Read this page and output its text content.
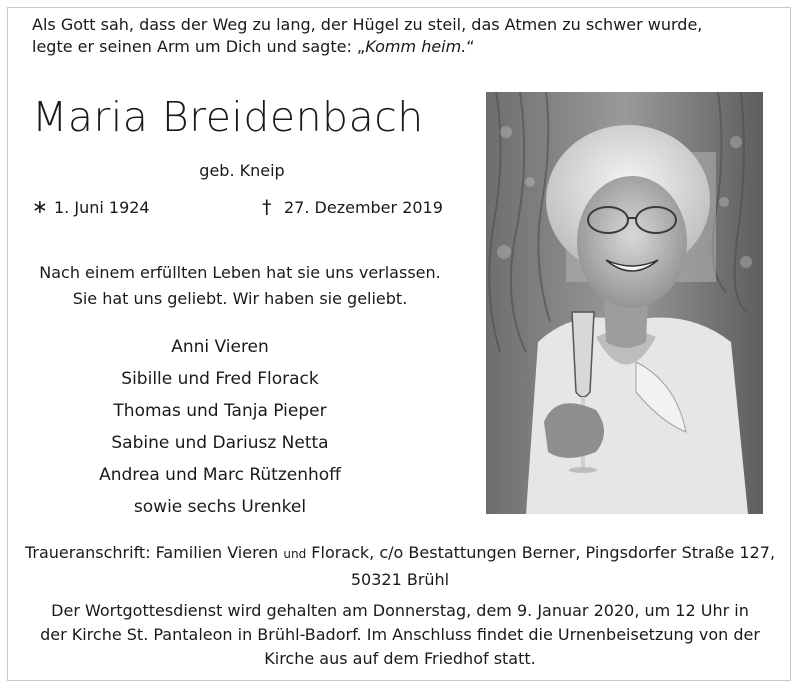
Als Gott sah, dass der Weg zu lang, der Hügel zu steil, das Atmen zu schwer wurde,
legte er seinen Arm um Dich und sagte: „Komm heim.“
Maria Breidenbach
geb. Kneip
∗ 1. Juni 1924	† 27. Dezember 2019
Nach einem erfüllten Leben hat sie uns verlassen.
Sie hat uns geliebt. Wir haben sie geliebt.
Anni Vieren
Sibille und Fred Florack
Thomas und Tanja Pieper
Sabine und Dariusz Netta
Andrea und Marc Rützenhoff
sowie sechs Urenkel
Traueranschrift: Familien Vieren und Florack, c/o Bestattungen Berner, Pingsdorfer Straße 127,
50321 Brühl
Der Wortgottesdienst wird gehalten am Donnerstag, dem 9. Januar 2020, um 12 Uhr in
der Kirche St. Pantaleon in Brühl-Badorf. Im Anschluss findet die Urnenbeisetzung von der
Kirche aus auf dem Friedhof statt.
